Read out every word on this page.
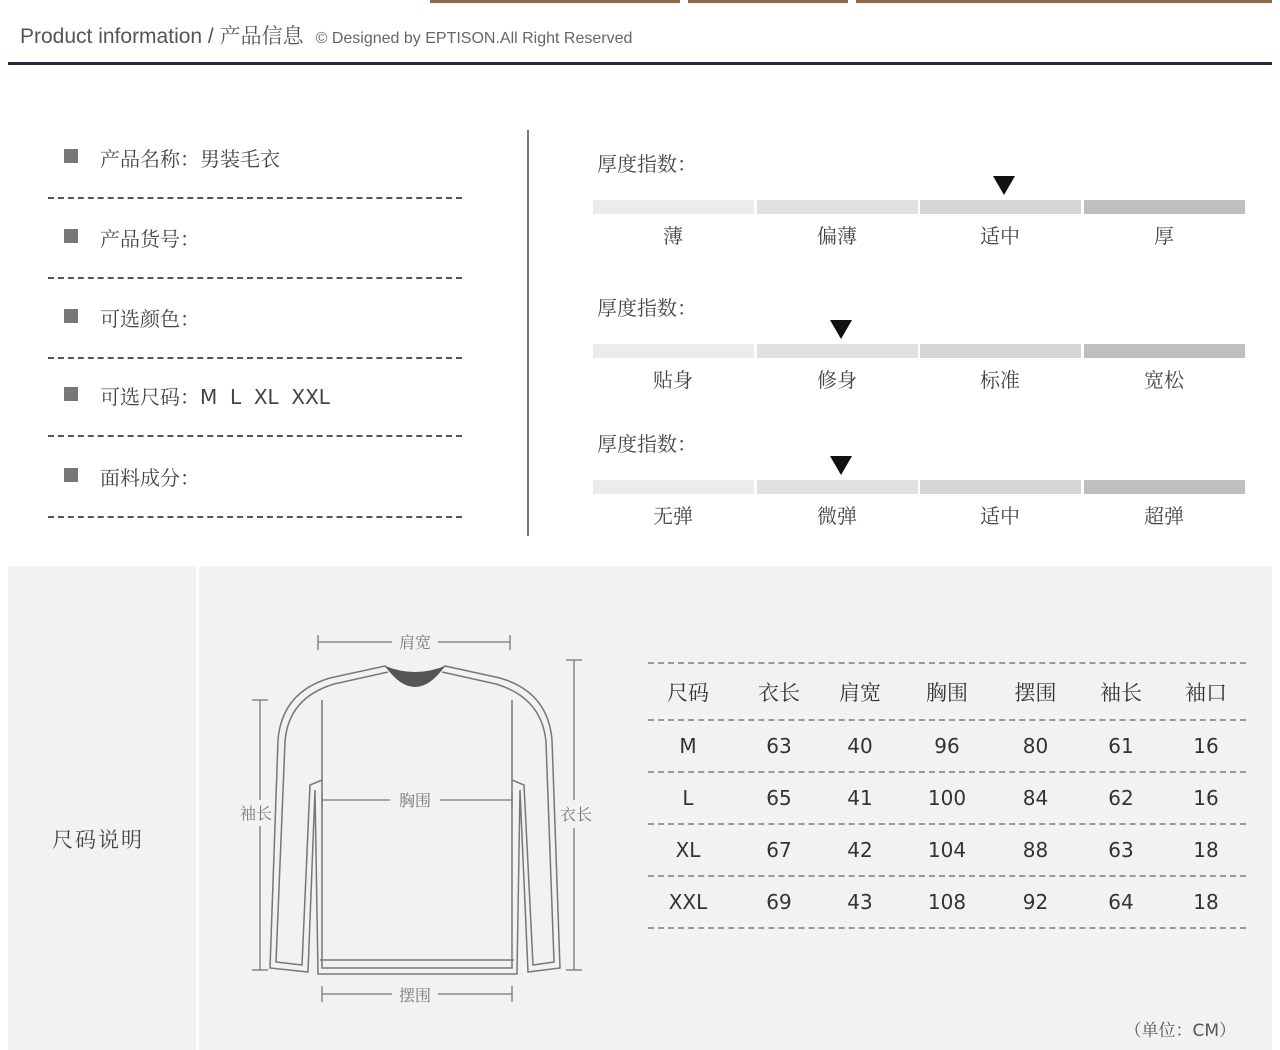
Product information / 产品信息 © Designed by EPTISON.All Right Reserved
产品名称：男装毛衣
产品货号：
可选颜色：
可选尺码：M  L  XL  XXL
面料成分：
厚度指数：
薄	偏薄	适中	厚
厚度指数：
贴身	修身	标准	宽松
厚度指数：
无弹	微弹	适中	超弹
尺码说明
肩宽
袖长
胸围
衣长
摆围
尺码	衣长	肩宽	胸围	摆围	袖长	袖口
M	63	40	96	80	61	16
L	65	41	100	84	62	16
XL	67	42	104	88	63	18
XXL	69	43	108	92	64	18
（单位：CM）
